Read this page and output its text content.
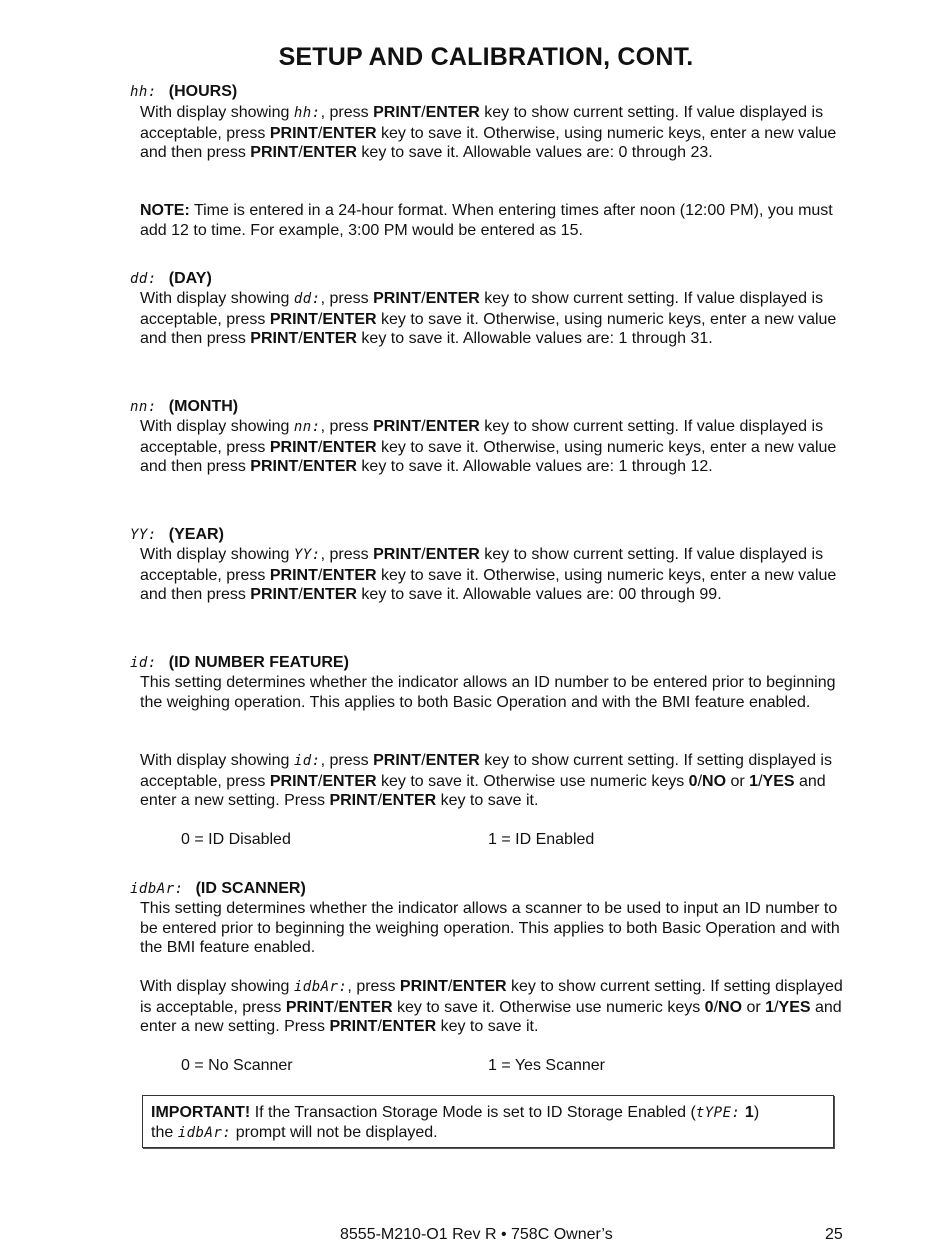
SETUP AND CALIBRATION, CONT.
hh: (HOURS)
With display showing hh:, press PRINT/ENTER key to show current setting. If value displayed is acceptable, press PRINT/ENTER key to save it. Otherwise, using numeric keys, enter a new value and then press PRINT/ENTER key to save it. Allowable values are: 0 through 23.
NOTE: Time is entered in a 24-hour format. When entering times after noon (12:00 PM), you must add 12 to time. For example, 3:00 PM would be entered as 15.
dd: (DAY)
With display showing dd:, press PRINT/ENTER key to show current setting. If value displayed is acceptable, press PRINT/ENTER key to save it. Otherwise, using numeric keys, enter a new value and then press PRINT/ENTER key to save it. Allowable values are: 1 through 31.
nn: (MONTH)
With display showing nn:, press PRINT/ENTER key to show current setting. If value displayed is acceptable, press PRINT/ENTER key to save it. Otherwise, using numeric keys, enter a new value and then press PRINT/ENTER key to save it. Allowable values are: 1 through 12.
YY: (YEAR)
With display showing YY:, press PRINT/ENTER key to show current setting. If value displayed is acceptable, press PRINT/ENTER key to save it. Otherwise, using numeric keys, enter a new value and then press PRINT/ENTER key to save it. Allowable values are: 00 through 99.
id: (ID NUMBER FEATURE)
This setting determines whether the indicator allows an ID number to be entered prior to beginning the weighing operation. This applies to both Basic Operation and with the BMI feature enabled.
With display showing id:, press PRINT/ENTER key to show current setting. If setting displayed is acceptable, press PRINT/ENTER key to save it. Otherwise use numeric keys 0/NO or 1/YES and enter a new setting. Press PRINT/ENTER key to save it.
0 = ID Disabled	1 = ID Enabled
idbAr: (ID SCANNER)
This setting determines whether the indicator allows a scanner to be used to input an ID number to be entered prior to beginning the weighing operation. This applies to both Basic Operation and with the BMI feature enabled.
With display showing idbAr:, press PRINT/ENTER key to show current setting. If setting displayed is acceptable, press PRINT/ENTER key to save it. Otherwise use numeric keys 0/NO or 1/YES and enter a new setting. Press PRINT/ENTER key to save it.
0 = No Scanner	1 = Yes Scanner
IMPORTANT! If the Transaction Storage Mode is set to ID Storage Enabled (tYPE: 1)
the idbAr: prompt will not be displayed.
8555-M210-O1 Rev R • 758C Owner’s	25
